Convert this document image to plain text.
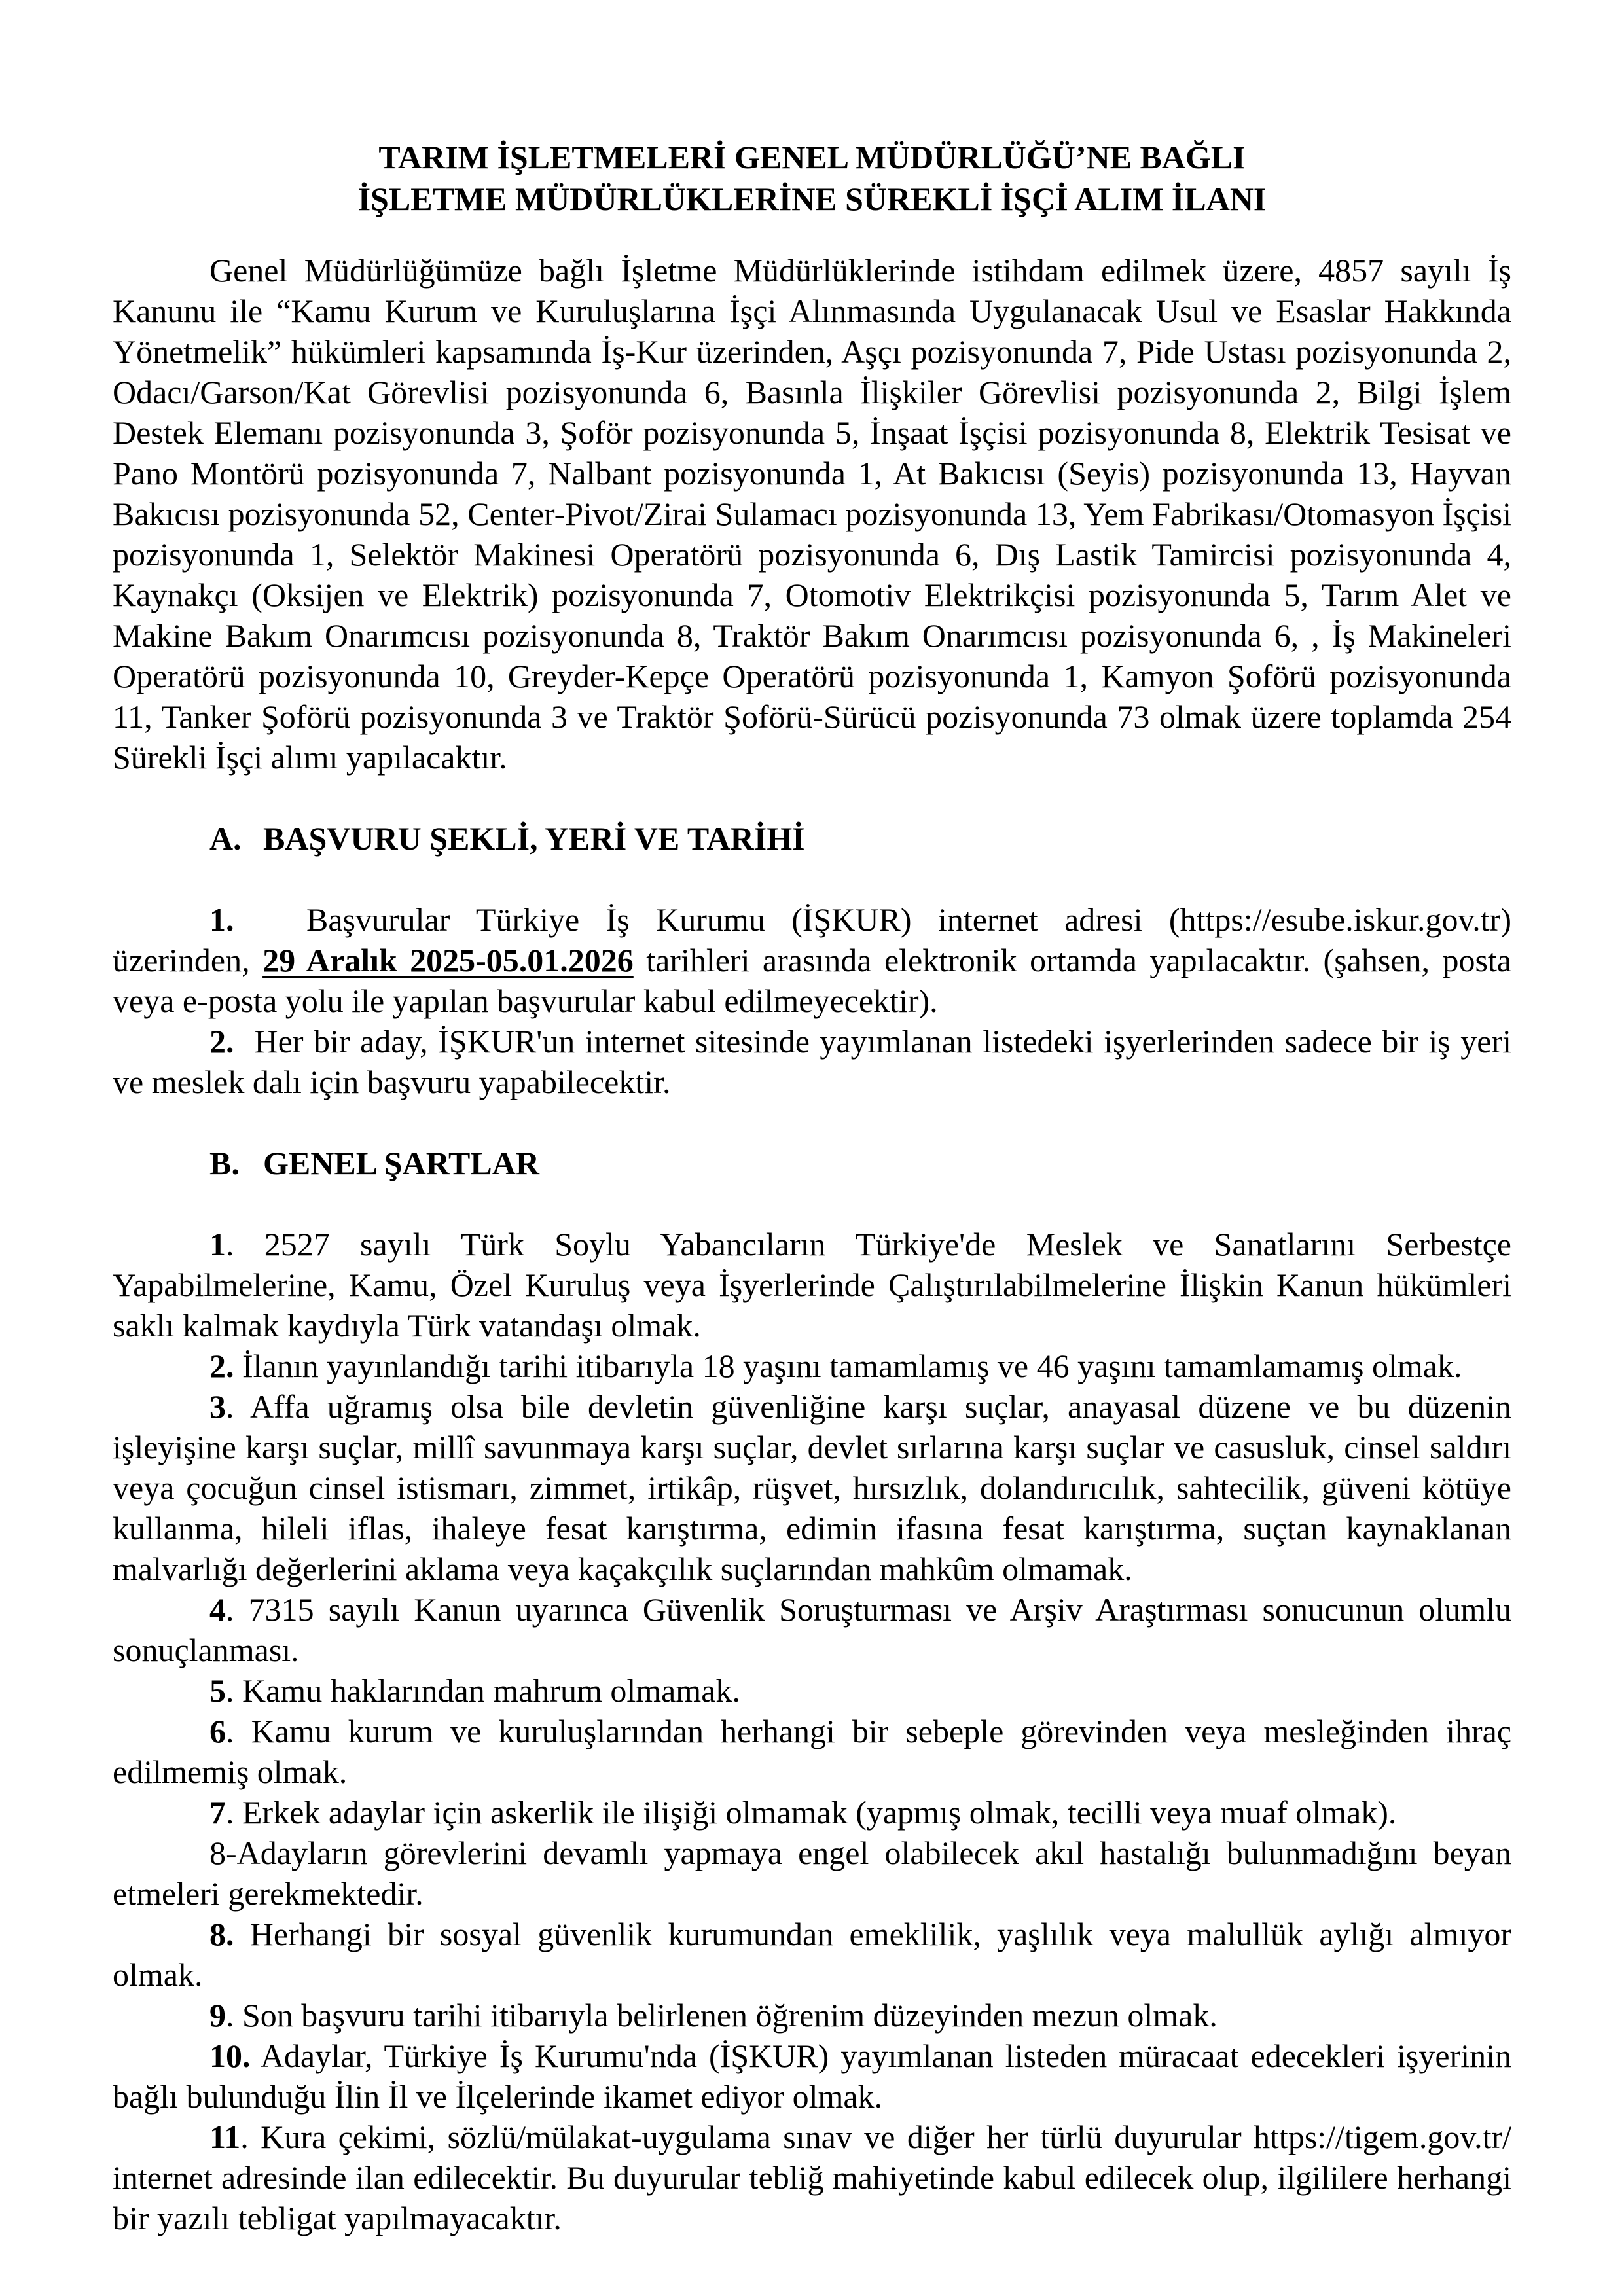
TARIM İŞLETMELERİ GENEL MÜDÜRLÜĞÜ’NE BAĞLI
İŞLETME MÜDÜRLÜKLERİNE SÜREKLİ İŞÇİ ALIM İLANI

Genel Müdürlüğümüze bağlı İşletme Müdürlüklerinde istihdam edilmek üzere, 4857 sayılı İş Kanunu ile “Kamu Kurum ve Kuruluşlarına İşçi Alınmasında Uygulanacak Usul ve Esaslar Hakkında Yönetmelik” hükümleri kapsamında İş-Kur üzerinden, Aşçı pozisyonunda 7, Pide Ustası pozisyonunda 2, Odacı/Garson/Kat Görevlisi pozisyonunda 6, Basınla İlişkiler Görevlisi pozisyonunda 2, Bilgi İşlem Destek Elemanı pozisyonunda 3, Şoför pozisyonunda 5, İnşaat İşçisi pozisyonunda 8, Elektrik Tesisat ve Pano Montörü pozisyonunda 7, Nalbant pozisyonunda 1, At Bakıcısı (Seyis) pozisyonunda 13, Hayvan Bakıcısı pozisyonunda 52, Center-Pivot/Zirai Sulamacı pozisyonunda 13, Yem Fabrikası/Otomasyon İşçisi pozisyonunda 1, Selektör Makinesi Operatörü pozisyonunda 6, Dış Lastik Tamircisi pozisyonunda 4, Kaynakçı (Oksijen ve Elektrik) pozisyonunda 7, Otomotiv Elektrikçisi pozisyonunda 5, Tarım Alet ve Makine Bakım Onarımcısı pozisyonunda 8, Traktör Bakım Onarımcısı pozisyonunda 6, , İş Makineleri Operatörü pozisyonunda 10, Greyder-Kepçe Operatörü pozisyonunda 1, Kamyon Şoförü pozisyonunda 11, Tanker Şoförü pozisyonunda 3 ve Traktör Şoförü-Sürücü pozisyonunda 73 olmak üzere toplamda 254 Sürekli İşçi alımı yapılacaktır.

A. BAŞVURU ŞEKLİ, YERİ VE TARİHİ

1. Başvurular Türkiye İş Kurumu (İŞKUR) internet adresi (https://esube.iskur.gov.tr) üzerinden, 29 Aralık 2025-05.01.2026 tarihleri arasında elektronik ortamda yapılacaktır. (şahsen, posta veya e-posta yolu ile yapılan başvurular kabul edilmeyecektir).

2.  Her bir aday, İŞKUR'un internet sitesinde yayımlanan listedeki işyerlerinden sadece bir iş yeri ve meslek dalı için başvuru yapabilecektir.

B. GENEL ŞARTLAR

1. 2527 sayılı Türk Soylu Yabancıların Türkiye'de Meslek ve Sanatlarını Serbestçe Yapabilmelerine, Kamu, Özel Kuruluş veya İşyerlerinde Çalıştırılabilmelerine İlişkin Kanun hükümleri saklı kalmak kaydıyla Türk vatandaşı olmak.

2. İlanın yayınlandığı tarihi itibarıyla 18 yaşını tamamlamış ve 46 yaşını tamamlamamış olmak.

3. Affa uğramış olsa bile devletin güvenliğine karşı suçlar, anayasal düzene ve bu düzenin işleyişine karşı suçlar, millî savunmaya karşı suçlar, devlet sırlarına karşı suçlar ve casusluk, cinsel saldırı veya çocuğun cinsel istismarı, zimmet, irtikâp, rüşvet, hırsızlık, dolandırıcılık, sahtecilik, güveni kötüye kullanma, hileli iflas, ihaleye fesat karıştırma, edimin ifasına fesat karıştırma, suçtan kaynaklanan malvarlığı değerlerini aklama veya kaçakçılık suçlarından mahkûm olmamak.

4. 7315 sayılı Kanun uyarınca Güvenlik Soruşturması ve Arşiv Araştırması sonucunun olumlu sonuçlanması.

5. Kamu haklarından mahrum olmamak.

6. Kamu kurum ve kuruluşlarından herhangi bir sebeple görevinden veya mesleğinden ihraç edilmemiş olmak.

7. Erkek adaylar için askerlik ile ilişiği olmamak (yapmış olmak, tecilli veya muaf olmak).

8-Adayların görevlerini devamlı yapmaya engel olabilecek akıl hastalığı bulunmadığını beyan etmeleri gerekmektedir.

8. Herhangi bir sosyal güvenlik kurumundan emeklilik, yaşlılık veya malullük aylığı almıyor olmak.

9. Son başvuru tarihi itibarıyla belirlenen öğrenim düzeyinden mezun olmak.

10. Adaylar, Türkiye İş Kurumu'nda (İŞKUR) yayımlanan listeden müracaat edecekleri işyerinin bağlı bulunduğu İlin İl ve İlçelerinde ikamet ediyor olmak.

11. Kura çekimi, sözlü/mülakat-uygulama sınav ve diğer her türlü duyurular https://tigem.gov.tr/ internet adresinde ilan edilecektir. Bu duyurular tebliğ mahiyetinde kabul edilecek olup, ilgililere herhangi bir yazılı tebligat yapılmayacaktır.
